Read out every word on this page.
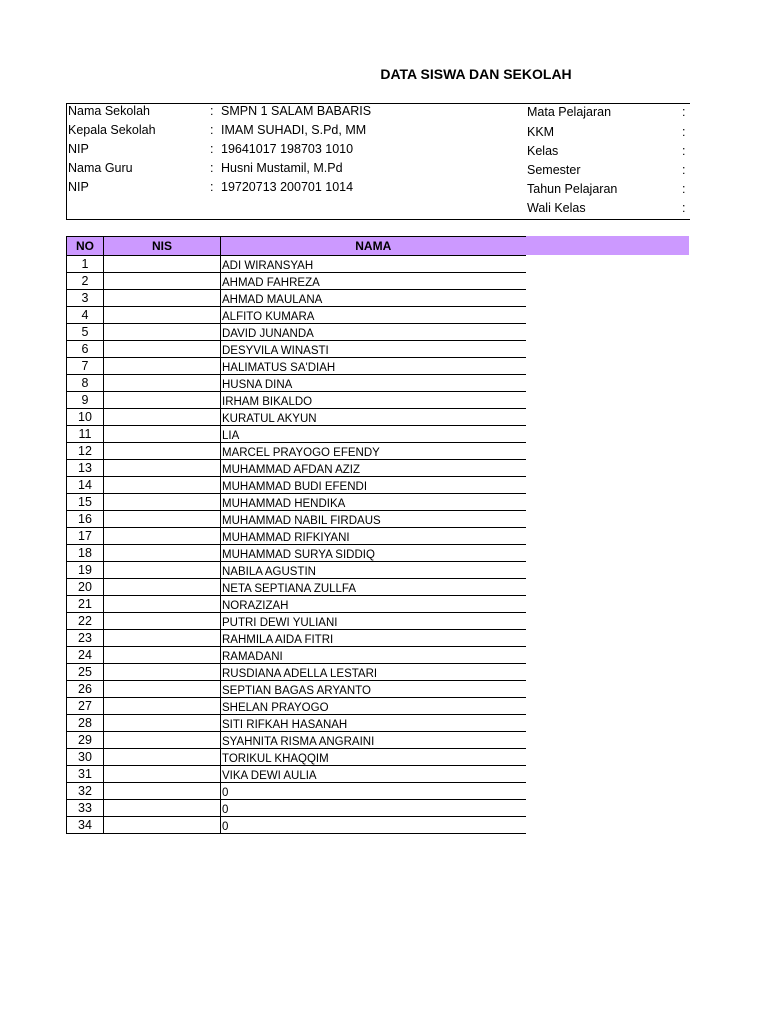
DATA SISWA DAN SEKOLAH
Nama Sekolah	: SMPN 1 SALAM BABARIS
Kepala Sekolah	: IMAM SUHADI, S.Pd, MM
NIP	: 19641017 198703 1010
Nama Guru	: Husni Mustamil, M.Pd
NIP	: 19720713 200701 1014
Mata Pelajaran	:
KKM	:
Kelas	:
Semester	:
Tahun Pelajaran	:
Wali Kelas	:
NO	NIS	NAMA
1		ADI WIRANSYAH
2		AHMAD FAHREZA
3		AHMAD MAULANA
4		ALFITO KUMARA
5		DAVID JUNANDA
6		DESYVILA WINASTI
7		HALIMATUS SA'DIAH
8		HUSNA DINA
9		IRHAM BIKALDO
10		KURATUL AKYUN
11		LIA
12		MARCEL PRAYOGO EFENDY
13		MUHAMMAD AFDAN AZIZ
14		MUHAMMAD BUDI EFENDI
15		MUHAMMAD HENDIKA
16		MUHAMMAD NABIL FIRDAUS
17		MUHAMMAD RIFKIYANI
18		MUHAMMAD SURYA SIDDIQ
19		NABILA AGUSTIN
20		NETA SEPTIANA ZULLFA
21		NORAZIZAH
22		PUTRI DEWI YULIANI
23		RAHMILA AIDA FITRI
24		RAMADANI
25		RUSDIANA ADELLA LESTARI
26		SEPTIAN BAGAS ARYANTO
27		SHELAN PRAYOGO
28		SITI RIFKAH HASANAH
29		SYAHNITA RISMA ANGRAINI
30		TORIKUL KHAQQIM
31		VIKA DEWI AULIA
32		0
33		0
34		0
